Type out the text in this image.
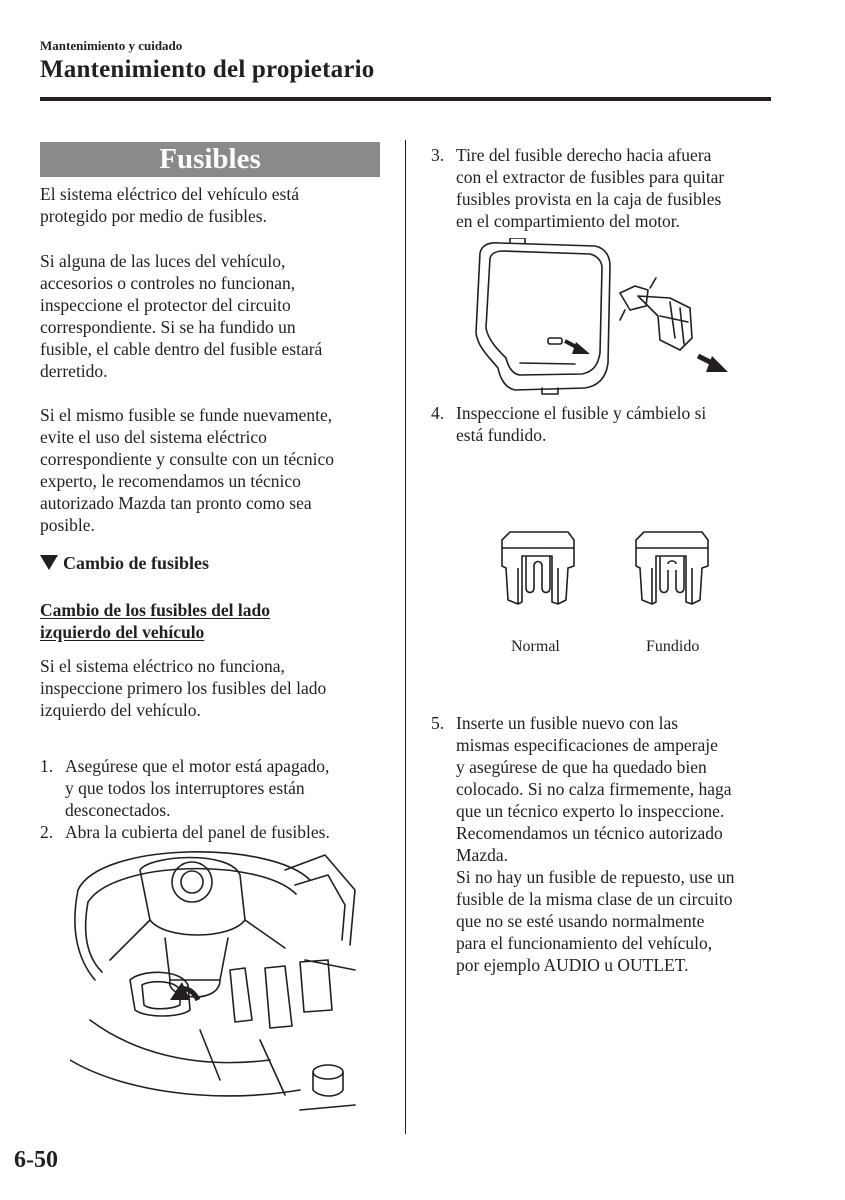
Mantenimiento y cuidado
Mantenimiento del propietario
Fusibles

El sistema eléctrico del vehículo está

protegido por medio de fusibles.

Si alguna de las luces del vehículo,

accesorios o controles no funcionan,

inspeccione el protector del circuito

correspondiente. Si se ha fundido un

fusible, el cable dentro del fusible estará

derretido.

Si el mismo fusible se funde nuevamente,

evite el uso del sistema eléctrico

correspondiente y consulte con un técnico

experto, le recomendamos un técnico

autorizado Mazda tan pronto como sea

posible.

Cambio de fusibles

Cambio de los fusibles del lado

izquierdo del vehículo

Si el sistema eléctrico no funciona,

inspeccione primero los fusibles del lado

izquierdo del vehículo.

1. Asegúrese que el motor está apagado,

y que todos los interruptores están

desconectados.

2. Abra la cubierta del panel de fusibles.

3. Tire del fusible derecho hacia afuera

con el extractor de fusibles para quitar

fusibles provista en la caja de fusibles

en el compartimiento del motor.

4. Inspeccione el fusible y cámbielo si

está fundido.

Normal	Fundido
5. Inserte un fusible nuevo con las

mismas especificaciones de amperaje

y asegúrese de que ha quedado bien

colocado. Si no calza firmemente, haga

que un técnico experto lo inspeccione.

Recomendamos un técnico autorizado

Mazda.

Si no hay un fusible de repuesto, use un

fusible de la misma clase de un circuito

que no se esté usando normalmente

para el funcionamiento del vehículo,

por ejemplo AUDIO u OUTLET.

6-50
